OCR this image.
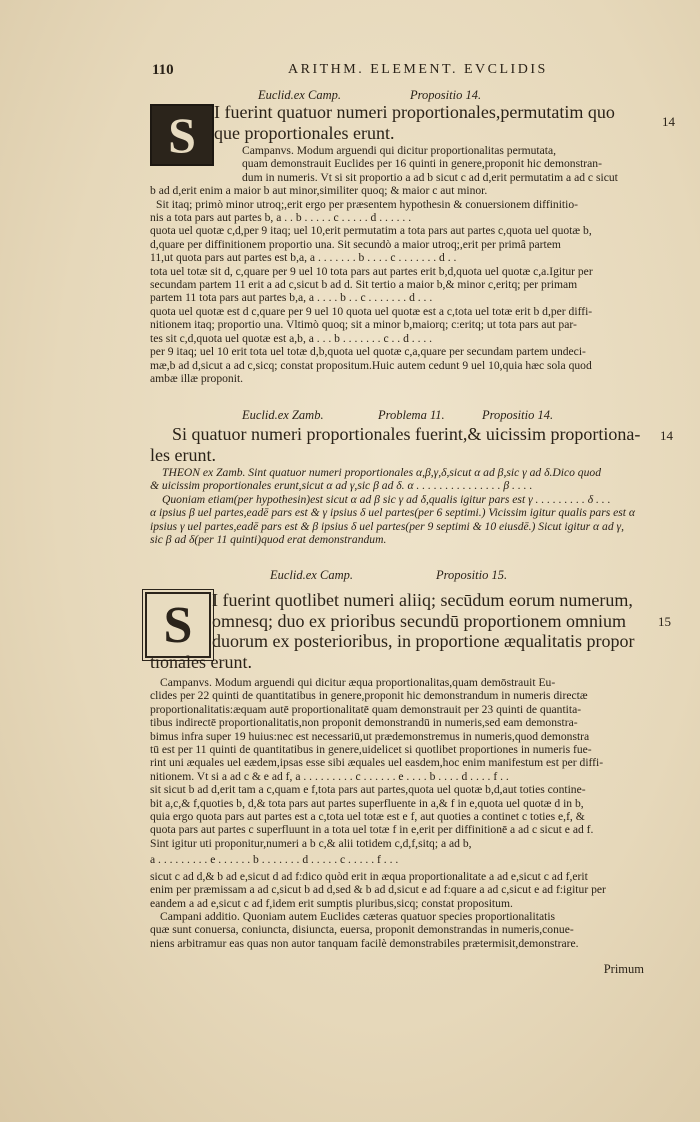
110	ARITHM. ELEMENT. EVCLIDIS
Euclid.ex Camp.	Propositio 14.
S	14
I fuerint quatuor numeri proportionales,permutatim quo
que proportionales erunt.
Campanvs. Modum arguendi qui dicitur proportionalitas permutata,
quam demonstrauit Euclides per 16 quinti in genere,proponit hic demonstran-
dum in numeris. Vt si sit proportio a ad b sicut c ad d,erit permutatim a ad c sicut
b ad d,erit enim a maior b aut minor,similiter quoq; & maior c aut minor.
Sit itaq; primò minor utroq;,erit ergo per præsentem hypothesin & conuersionem diffinitio-
nis a tota pars aut partes b, a . . b . . . . . c . . . . . d . . . . . .
quota uel quotæ c,d,per 9 itaq; uel 10,erit permutatim a tota pars aut partes c,quota uel quotæ b,
d,quare per diffinitionem proportio una. Sit secundò a maior utroq;,erit per primâ partem
11,ut quota pars aut partes est b,a, a . . . . . . . b . . . . c . . . . . . . d . .
tota uel totæ sit d, c,quare per 9 uel 10 tota pars aut partes erit b,d,quota uel quotæ c,a.Igitur per
secundam partem 11 erit a ad c,sicut b ad d. Sit tertio a maior b,& minor c,eritq; per primam
partem 11 tota pars aut partes b,a, a . . . . b . . c . . . . . . . d . . .
quota uel quotæ est d c,quare per 9 uel 10 quota uel quotæ est a c,tota uel totæ erit b d,per diffi-
nitionem itaq; proportio una. Vltimò quoq; sit a minor b,maiorq; c:eritq; ut tota pars aut par-
tes sit c,d,quota uel quotæ est a,b, a . . . b . . . . . . . c . . d . . . .
per 9 itaq; uel 10 erit tota uel totæ d,b,quota uel quotæ c,a,quare per secundam partem undeci-
mæ,b ad d,sicut a ad c,sicq; constat propositum.Huic autem cedunt 9 uel 10,quia hæc sola quod
ambæ illæ proponit.
Euclid.ex Zamb.	Problema 11.	Propositio 14.
14
Si quatuor numeri proportionales fuerint,& uicissim proportiona-
les erunt.
THEON ex Zamb. Sint quatuor numeri proportionales α,β,γ,δ,sicut α ad β,sic γ ad δ.Dico quod
& uicissim proportionales erunt,sicut α ad γ,sic β ad δ. α . . . . . . . . . . . . . . . β . . . .
Quoniam etiam(per hypothesin)est sicut α ad β sic γ ad δ,qualis igitur pars est γ . . . . . . . . . δ . . .
α ipsius β uel partes,eadē pars est & γ ipsius δ uel partes(per 6 septimi.) Vicissim igitur qualis pars est α
ipsius γ uel partes,eadē pars est & β ipsius δ uel partes(per 9 septimi & 10 eiusdē.) Sicut igitur α ad γ,
sic β ad δ(per 11 quinti)quod erat demonstrandum.
Euclid.ex Camp.	Propositio 15.
S	15
I fuerint quotlibet numeri aliiq; secūdum eorum numerum,
omnesq; duo ex prioribus secundū proportionem omnium
duorum ex posterioribus, in proportione æqualitatis propor
tionales erunt.
Campanvs. Modum arguendi qui dicitur æqua proportionalitas,quam demōstrauit Eu-
clides per 22 quinti de quantitatibus in genere,proponit hic demonstrandum in numeris directæ
proportionalitatis:æquam autē proportionalitatē quam demonstrauit per 23 quinti de quantita-
tibus indirectē proportionalitatis,non proponit demonstrandū in numeris,sed eam demonstra-
bimus infra super 19 huius:nec est necessariū,ut prædemonstremus in numeris,quod demonstra
tū est per 11 quinti de quantitatibus in genere,uidelicet si quotlibet proportiones in numeris fue-
rint uni æquales uel eædem,ipsas esse sibi æquales uel easdem,hoc enim manifestum est per diffi-
nitionem. Vt si a ad c & e ad f, a . . . . . . . . . c . . . . . . e . . . . b . . . . d . . . . f . .
sit sicut b ad d,erit tam a c,quam e f,tota pars aut partes,quota uel quotæ b,d,aut toties contine-
bit a,c,& f,quoties b, d,& tota pars aut partes superfluente in a,& f in e,quota uel quotæ d in b,
quia ergo quota pars aut partes est a c,tota uel totæ est e f, aut quoties a continet c toties e,f, &
quota pars aut partes c superfluunt in a tota uel totæ f in e,erit per diffinitionē a ad c sicut e ad f.
Sint igitur uti proponitur,numeri a b c,& alii totidem c,d,f,sitq; a ad b,
a . . . . . . . . . e . . . . . . b . . . . . . . d . . . . . c . . . . . f . . .
sicut c ad d,& b ad e,sicut d ad f:dico quòd erit in æqua proportionalitate a ad e,sicut c ad f,erit
enim per præmissam a ad c,sicut b ad d,sed & b ad d,sicut e ad f:quare a ad c,sicut e ad f:igitur per
eandem a ad e,sicut c ad f,idem erit sumptis pluribus,sicq; constat propositum.
Campani additio. Quoniam autem Euclides cæteras quatuor species proportionalitatis
quæ sunt conuersa, coniuncta, disiuncta, euersa, proponit demonstrandas in numeris,conue-
niens arbitramur eas quas non autor tanquam facilè demonstrabiles prætermisit,demonstrare.
Primum
